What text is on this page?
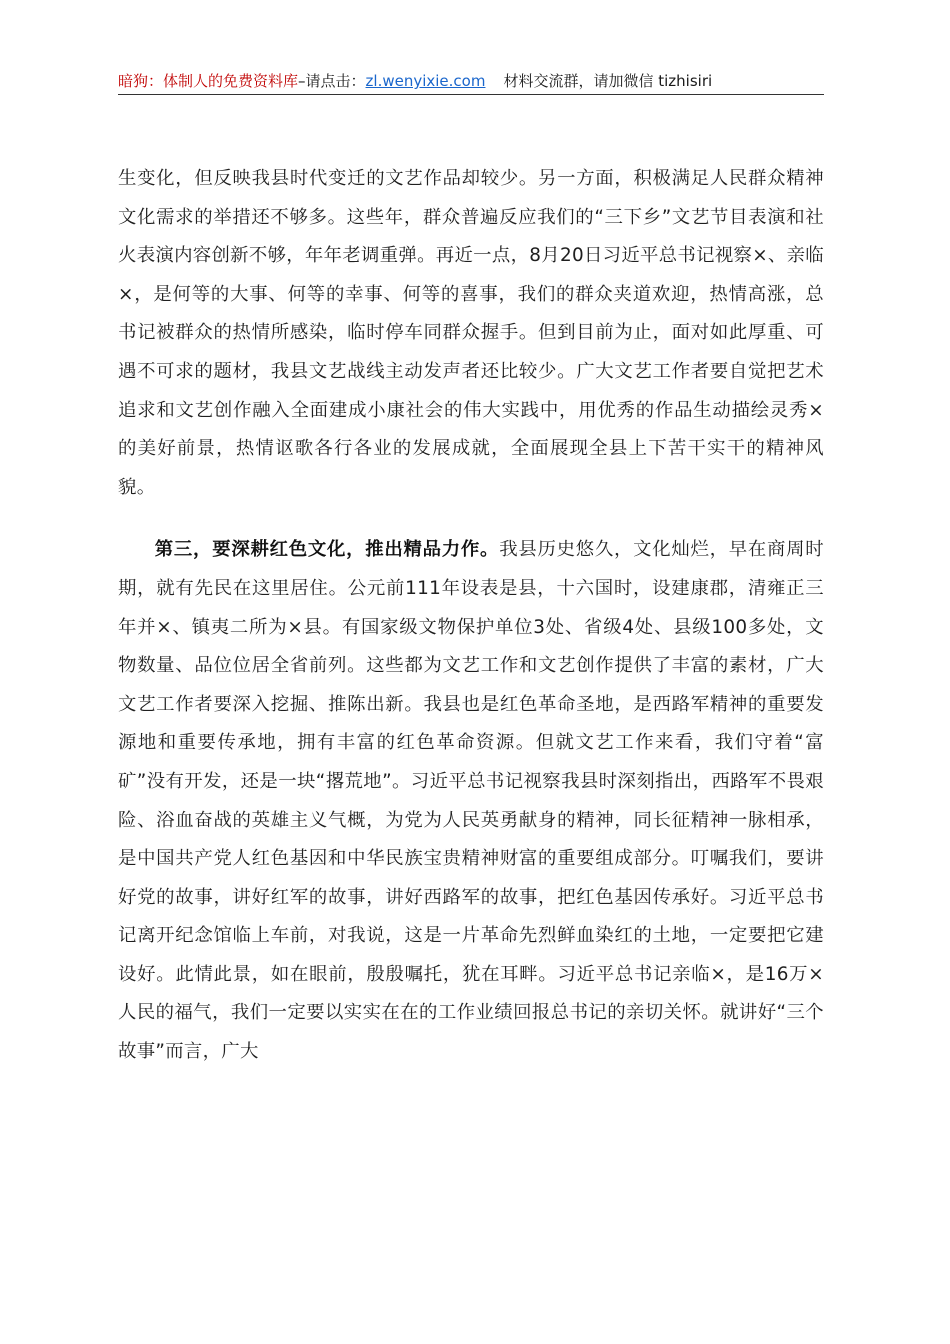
暗狗：体制人的免费资料库–请点击：zl.wenyixie.com 材料交流群，请加微信 tizhisiri

生变化，但反映我县时代变迁的文艺作品却较少。另一方面，积极满足人民群众精神文化需求的举措还不够多。这些年，群众普遍反应我们的“三下乡”文艺节目表演和社火表演内容创新不够，年年老调重弹。再近一点，8月20日习近平总书记视察×、亲临×，是何等的大事、何等的幸事、何等的喜事，我们的群众夹道欢迎，热情高涨，总书记被群众的热情所感染，临时停车同群众握手。但到目前为止，面对如此厚重、可遇不可求的题材，我县文艺战线主动发声者还比较少。广大文艺工作者要自觉把艺术追求和文艺创作融入全面建成小康社会的伟大实践中，用优秀的作品生动描绘灵秀×的美好前景，热情讴歌各行各业的发展成就，全面展现全县上下苦干实干的精神风貌。

第三，要深耕红色文化，推出精品力作。我县历史悠久，文化灿烂，早在商周时期，就有先民在这里居住。公元前111年设表是县，十六国时，设建康郡，清雍正三年并×、镇夷二所为×县。有国家级文物保护单位3处、省级4处、县级100多处，文物数量、品位位居全省前列。这些都为文艺工作和文艺创作提供了丰富的素材，广大文艺工作者要深入挖掘、推陈出新。我县也是红色革命圣地，是西路军精神的重要发源地和重要传承地，拥有丰富的红色革命资源。但就文艺工作来看，我们守着“富矿”没有开发，还是一块“撂荒地”。习近平总书记视察我县时深刻指出，西路军不畏艰险、浴血奋战的英雄主义气概，为党为人民英勇献身的精神，同长征精神一脉相承，是中国共产党人红色基因和中华民族宝贵精神财富的重要组成部分。叮嘱我们，要讲好党的故事，讲好红军的故事，讲好西路军的故事，把红色基因传承好。习近平总书记离开纪念馆临上车前，对我说，这是一片革命先烈鲜血染红的土地，一定要把它建设好。此情此景，如在眼前，殷殷嘱托，犹在耳畔。习近平总书记亲临×，是16万×人民的福气，我们一定要以实实在在的工作业绩回报总书记的亲切关怀。就讲好“三个故事”而言，广大
